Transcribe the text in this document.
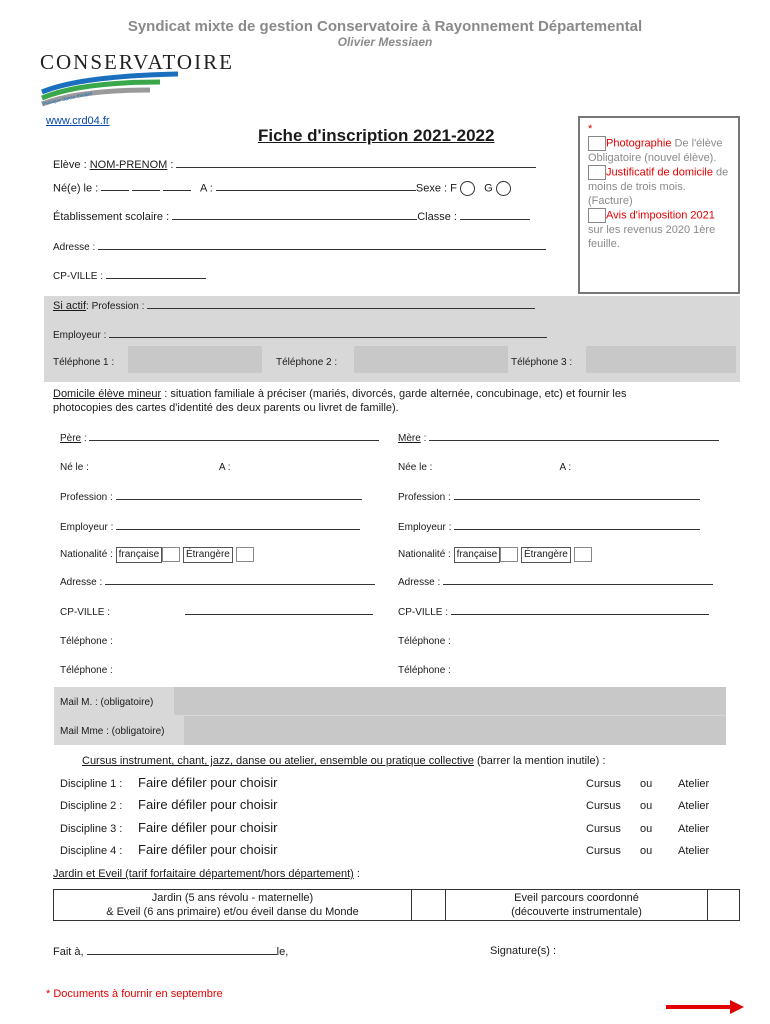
Syndicat mixte de gestion Conservatoire à Rayonnement Départemental
Olivier Messiaen
CONSERVATOIRE
musique danse théâtre
www.crd04.fr
Fiche d'inscription 2021-2022	*
Photographie De l'élève Obligatoire (nouvel élève).
Justificatif de domicile de moins de trois mois. (Facture)
Avis d'imposition 2021 sur les revenus 2020 1ère feuille.
Elève : NOM-PRENOM :
Né(e) le :	A :	Sexe : F G
Établissement scolaire :	Classe :
Adresse :
CP-VILLE :
Si actif: Profession :
Employeur :
Téléphone 1 :	Téléphone 2 :	Téléphone 3 :
Domicile élève mineur : situation familiale à préciser (mariés, divorcés, garde alternée, concubinage, etc) et fournir les
photocopies des cartes d'identité des deux parents ou livret de famille).
Père :
Né le :	A :
Profession :
Employeur :
Nationalité : française	Étrangère
Adresse :
CP-VILLE :
Téléphone :
Téléphone :
Mère :
Née le :	A :
Profession :
Employeur :
Nationalité : française	Étrangère
Adresse :
CP-VILLE :
Téléphone :
Téléphone :
Mail M. : (obligatoire)
Mail Mme : (obligatoire)
Cursus instrument, chant, jazz, danse ou atelier, ensemble ou pratique collective (barrer la mention inutile) :
Discipline 1 : Faire défiler pour choisir	Cursus ou Atelier
Discipline 2 : Faire défiler pour choisir	Cursus ou Atelier
Discipline 3 : Faire défiler pour choisir	Cursus ou Atelier
Discipline 4 : Faire défiler pour choisir	Cursus ou Atelier
Jardin et Eveil (tarif forfaitaire département/hors département) :
Jardin (5 ans révolu - maternelle)
& Eveil (6 ans primaire) et/ou éveil danse du Monde
Eveil parcours coordonné
(découverte instrumentale)
Fait à,	le,	Signature(s) :
* Documents à fournir en septembre
